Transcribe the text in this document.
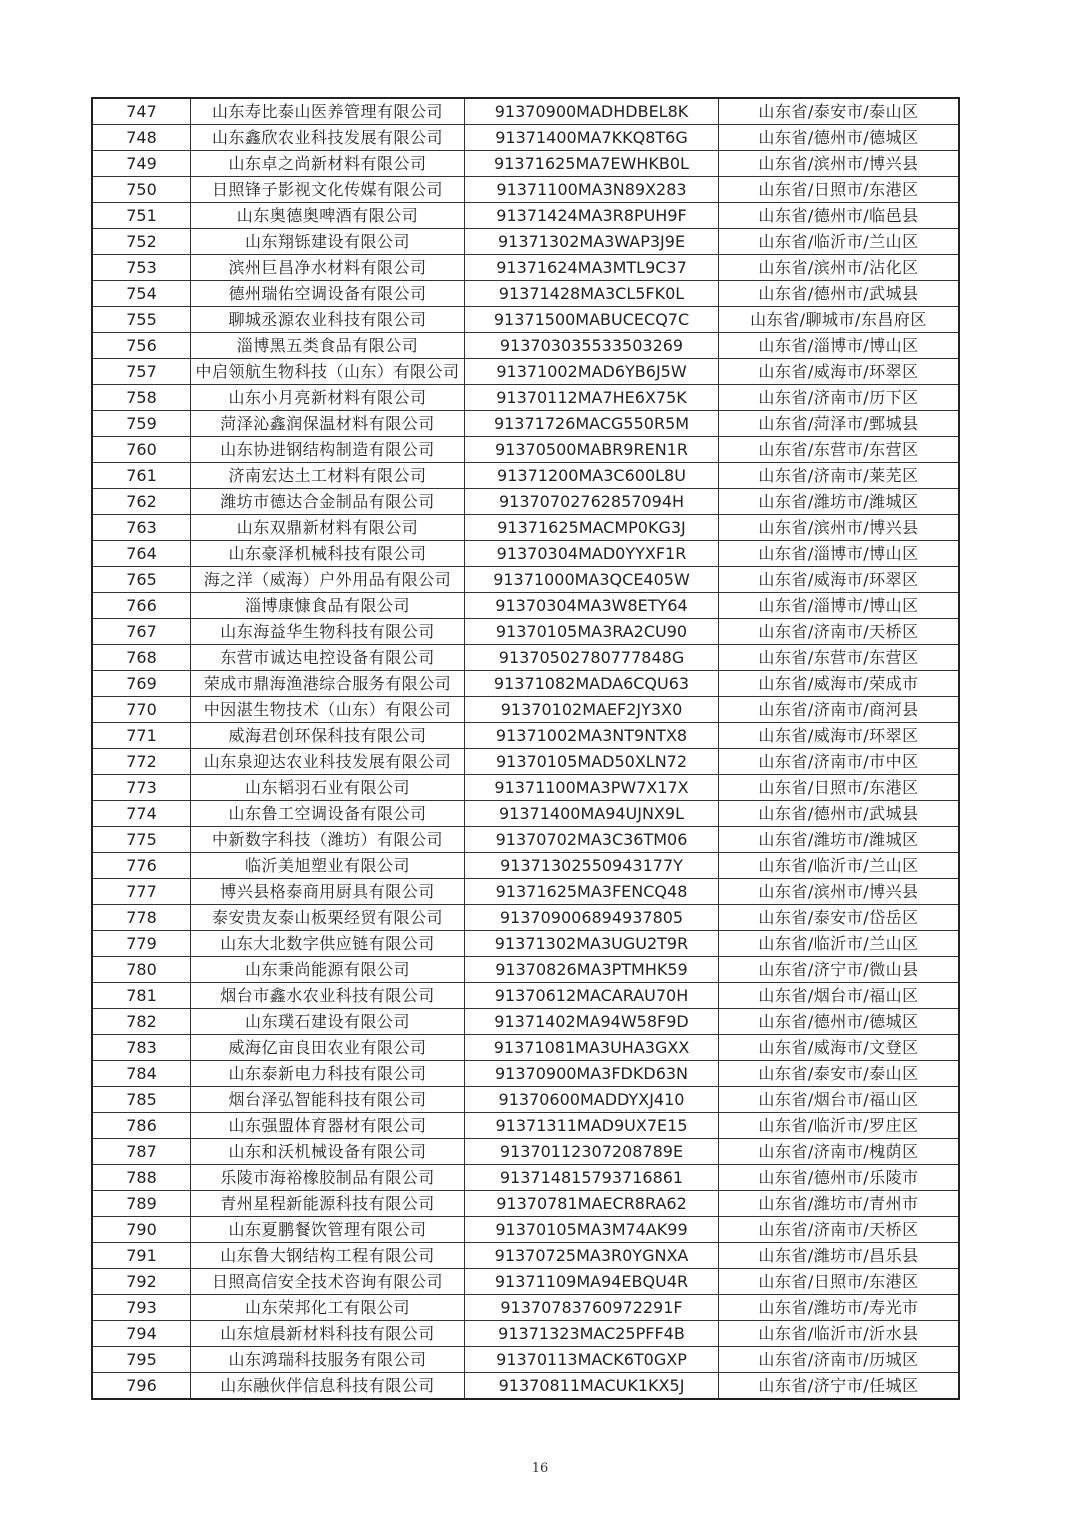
747	山东寿比泰山医养管理有限公司	91370900MADHDBEL8K	山东省/泰安市/泰山区
748	山东鑫欣农业科技发展有限公司	91371400MA7KKQ8T6G	山东省/德州市/德城区
749	山东卓之尚新材料有限公司	91371625MA7EWHKB0L	山东省/滨州市/博兴县
750	日照锋子影视文化传媒有限公司	91371100MA3N89X283	山东省/日照市/东港区
751	山东奥德奥啤酒有限公司	91371424MA3R8PUH9F	山东省/德州市/临邑县
752	山东翔铄建设有限公司	91371302MA3WAP3J9E	山东省/临沂市/兰山区
753	滨州巨昌净水材料有限公司	91371624MA3MTL9C37	山东省/滨州市/沾化区
754	德州瑞佑空调设备有限公司	91371428MA3CL5FK0L	山东省/德州市/武城县
755	聊城丞源农业科技有限公司	91371500MABUCECQ7C	山东省/聊城市/东昌府区
756	淄博黑五类食品有限公司	913703035533503269	山东省/淄博市/博山区
757	中启领航生物科技（山东）有限公司	91371002MAD6YB6J5W	山东省/威海市/环翠区
758	山东小月亮新材料有限公司	91370112MA7HE6X75K	山东省/济南市/历下区
759	菏泽沁鑫润保温材料有限公司	91371726MACG550R5M	山东省/菏泽市/鄄城县
760	山东协进钢结构制造有限公司	91370500MABR9REN1R	山东省/东营市/东营区
761	济南宏达土工材料有限公司	91371200MA3C600L8U	山东省/济南市/莱芜区
762	潍坊市德达合金制品有限公司	91370702762857094H	山东省/潍坊市/潍城区
763	山东双鼎新材料有限公司	91371625MACMP0KG3J	山东省/滨州市/博兴县
764	山东豪泽机械科技有限公司	91370304MAD0YYXF1R	山东省/淄博市/博山区
765	海之洋（威海）户外用品有限公司	91371000MA3QCE405W	山东省/威海市/环翠区
766	淄博康慷食品有限公司	91370304MA3W8ETY64	山东省/淄博市/博山区
767	山东海益华生物科技有限公司	91370105MA3RA2CU90	山东省/济南市/天桥区
768	东营市诚达电控设备有限公司	91370502780777848G	山东省/东营市/东营区
769	荣成市鼎海渔港综合服务有限公司	91371082MADA6CQU63	山东省/威海市/荣成市
770	中因湛生物技术（山东）有限公司	91370102MAEF2JY3X0	山东省/济南市/商河县
771	威海君创环保科技有限公司	91371002MA3NT9NTX8	山东省/威海市/环翠区
772	山东泉迎达农业科技发展有限公司	91370105MAD50XLN72	山东省/济南市/市中区
773	山东韬羽石业有限公司	91371100MA3PW7X17X	山东省/日照市/东港区
774	山东鲁工空调设备有限公司	91371400MA94UJNX9L	山东省/德州市/武城县
775	中新数字科技（潍坊）有限公司	91370702MA3C36TM06	山东省/潍坊市/潍城区
776	临沂美旭塑业有限公司	91371302550943177Y	山东省/临沂市/兰山区
777	博兴县格泰商用厨具有限公司	91371625MA3FENCQ48	山东省/滨州市/博兴县
778	泰安贵友泰山板栗经贸有限公司	913709006894937805	山东省/泰安市/岱岳区
779	山东大北数字供应链有限公司	91371302MA3UGU2T9R	山东省/临沂市/兰山区
780	山东秉尚能源有限公司	91370826MA3PTMHK59	山东省/济宁市/微山县
781	烟台市鑫水农业科技有限公司	91370612MACARAU70H	山东省/烟台市/福山区
782	山东璞石建设有限公司	91371402MA94W58F9D	山东省/德州市/德城区
783	威海亿亩良田农业有限公司	91371081MA3UHA3GXX	山东省/威海市/文登区
784	山东泰新电力科技有限公司	91370900MA3FDKD63N	山东省/泰安市/泰山区
785	烟台泽弘智能科技有限公司	91370600MADDYXJ410	山东省/烟台市/福山区
786	山东强盟体育器材有限公司	91371311MAD9UX7E15	山东省/临沂市/罗庄区
787	山东和沃机械设备有限公司	91370112307208789E	山东省/济南市/槐荫区
788	乐陵市海裕橡胶制品有限公司	913714815793716861	山东省/德州市/乐陵市
789	青州星程新能源科技有限公司	91370781MAECR8RA62	山东省/潍坊市/青州市
790	山东夏鹏餐饮管理有限公司	91370105MA3M74AK99	山东省/济南市/天桥区
791	山东鲁大钢结构工程有限公司	91370725MA3R0YGNXA	山东省/潍坊市/昌乐县
792	日照高信安全技术咨询有限公司	91371109MA94EBQU4R	山东省/日照市/东港区
793	山东荣邦化工有限公司	91370783760972291F	山东省/潍坊市/寿光市
794	山东煊晨新材料科技有限公司	91371323MAC25PFF4B	山东省/临沂市/沂水县
795	山东鸿瑞科技服务有限公司	91370113MACK6T0GXP	山东省/济南市/历城区
796	山东融伙伴信息科技有限公司	91370811MACUK1KX5J	山东省/济宁市/任城区
16
